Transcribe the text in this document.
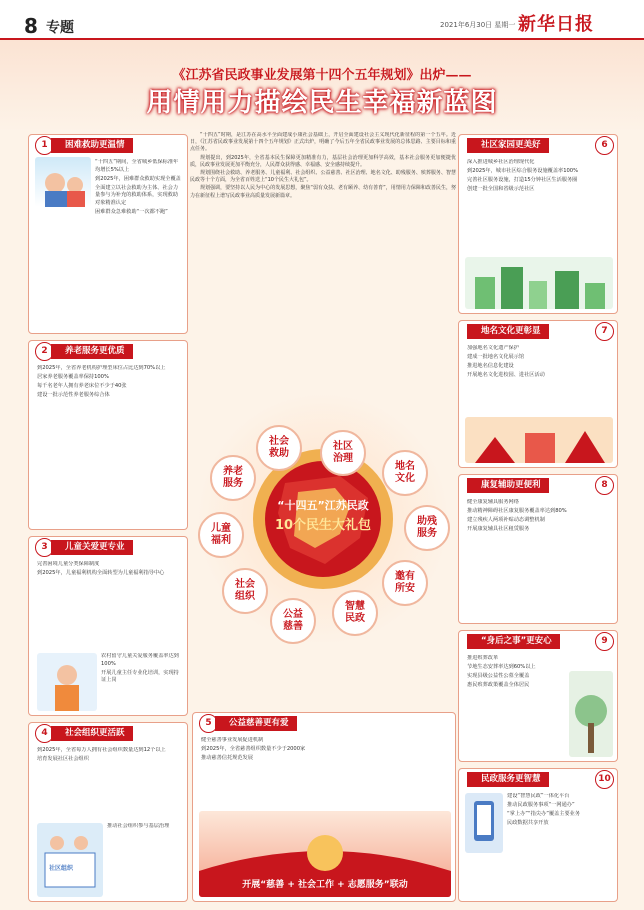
8 专题	2021年6月30日 星期一 新华日报
《江苏省民政事业发展第十四个五年规划》出炉——
用情用力描绘民生幸福新蓝图
“十四五”江苏民政
10个民生大礼包
社区治理
地名文化
助残服务
邀有所安
智慧民政
公益慈善
社会组织
儿童福利
养老服务
社会救助

“十四五”时期，是江苏在高水平全面建成小康社会基础上，开启全面建设社会主义现代化新征程的第一个五年。近日，《江苏省民政事业发展第十四个五年规划》正式出炉，明确了今后五年全省民政事业发展的总体思路、主要目标和重点任务。

规划提出，到2025年，全省基本民生保障更加精准有力，基层社会治理更加科学高效，基本社会服务更加便捷优质，民政事业发展更加平衡充分，人民群众获得感、幸福感、安全感持续提升。

规划围绕社会救助、养老服务、儿童福利、社会组织、公益慈善、社区治理、地名文化、助残服务、殡葬服务、智慧民政等十个方面，为全省百姓送上“10个民生大礼包”。

规划强调，要坚持以人民为中心的发展思想，聚焦“弱有众扶、老有颐养、幼有善育”，用情用力保障和改善民生，努力在新征程上谱写民政事业高质量发展新篇章。

1	困难救助更温情

“十四五”期间，全省城乡低保标准年均增长5%以上

到2025年，困难群众救助实现全覆盖

全面建立以社会救助为主体、社会力量参与为补充的救助体系，实现救助对象精准认定

困难群众急难救助“一次都不跑”

2	养老服务更优质

到2025年，全省养老机构护理型床位占比达到70%以上

居家养老服务覆盖率保持100%

每千名老年人拥有养老床位不少于40张

建设一批示范性养老服务综合体

3	儿童关爱更专业

完善困境儿童分类保障制度

到2025年，儿童福利机构全面转型为儿童福利指导中心

农村留守儿童关爱服务覆盖率达到100%

开展儿童主任专业化培训，实现持证上岗

4	社会组织更活跃

到2025年，全省每万人拥有社会组织数量达到12个以上

培育发展社区社会组织

社区组织

推动社会组织参与基层治理

5	公益慈善更有爱

健全慈善事业发展促进机制

到2025年，全省慈善组织数量不少于2000家

推动慈善信托规范发展

开展“慈善 + 社会工作 + 志愿服务”联动
6
社区家园更美好

深入推进城乡社区治理现代化

到2025年，城市社区综合服务设施覆盖率100%

完善社区服务设施，打造15分钟社区生活服务圈

创建一批全国和省级示范社区

7
地名文化更彰显

加强地名文化遗产保护

建成一批地名文化展示馆

推进地名信息化建设

开展地名文化进校园、进社区活动

8
康复辅助更便利

健全康复辅具服务网络

推动精神障碍社区康复服务覆盖率达到80%

建立残疾人两项补贴动态调整机制

开展康复辅具社区租赁服务

9
“身后之事”更安心

推进殡葬改革

节地生态安葬率达到60%以上

实现县级公益性公墓全覆盖

惠民殡葬政策覆盖全体居民

10
民政服务更智慧

建设“智慧民政”一体化平台

推动民政服务事项“一网通办”

“掌上办”“指尖办”覆盖主要业务

民政数据共享开放
